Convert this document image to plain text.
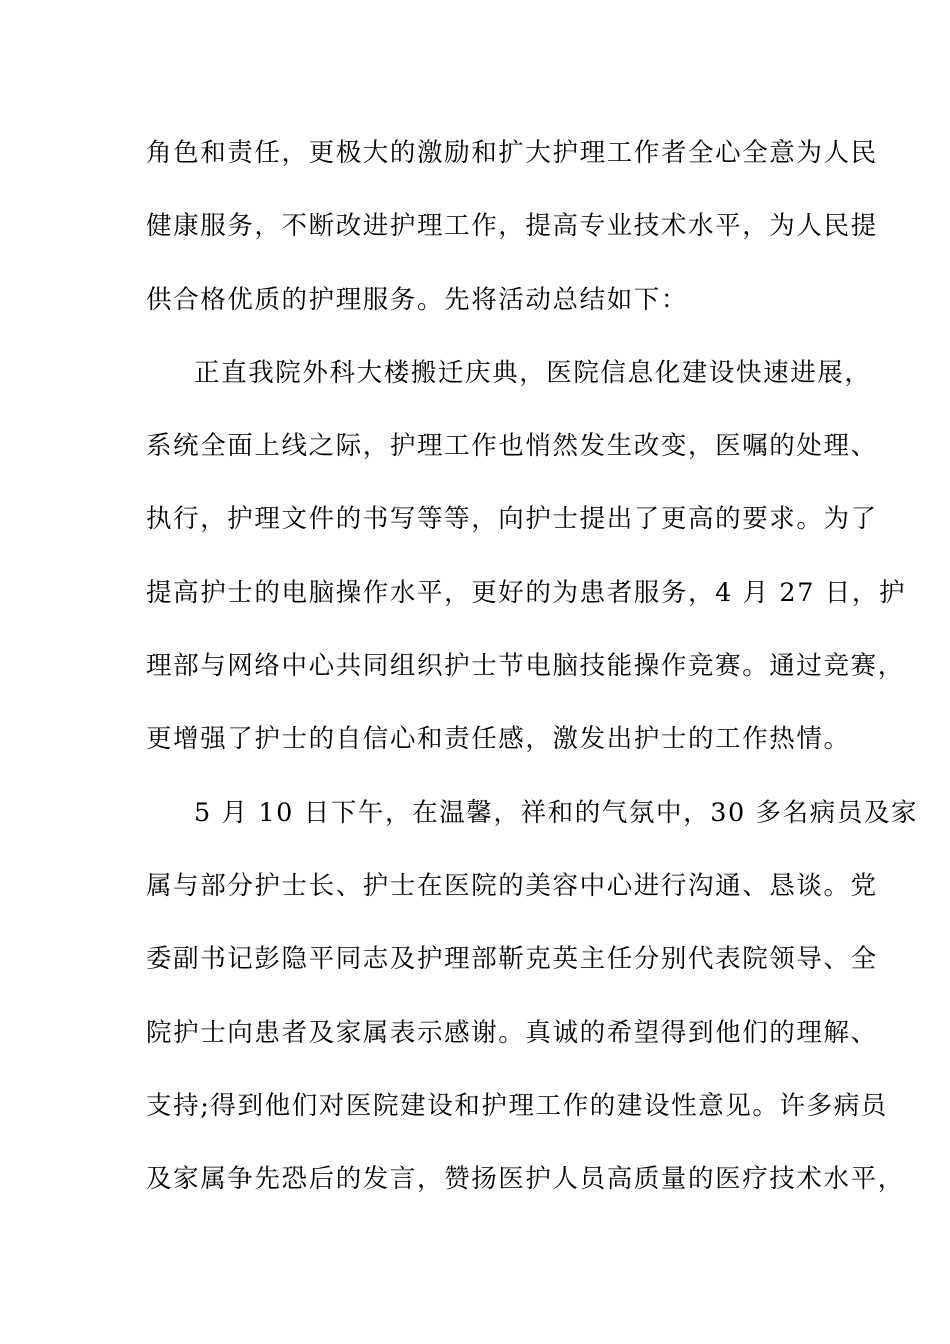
角色和责任，更极大的激励和扩大护理工作者全心全意为人民
健康服务，不断改进护理工作，提高专业技术水平，为人民提
供合格优质的护理服务。先将活动总结如下：
正直我院外科大楼搬迁庆典，医院信息化建设快速进展，
系统全面上线之际，护理工作也悄然发生改变，医嘱的处理、
执行，护理文件的书写等等，向护士提出了更高的要求。为了
提高护士的电脑操作水平，更好的为患者服务，4 月 27 日，护
理部与网络中心共同组织护士节电脑技能操作竞赛。通过竞赛，
更增强了护士的自信心和责任感，激发出护士的工作热情。
5 月 10 日下午，在温馨，祥和的气氛中，30 多名病员及家
属与部分护士长、护士在医院的美容中心进行沟通、恳谈。党
委副书记彭隐平同志及护理部靳克英主任分别代表院领导、全
院护士向患者及家属表示感谢。真诚的希望得到他们的理解、
支持;得到他们对医院建设和护理工作的建设性意见。许多病员
及家属争先恐后的发言，赞扬医护人员高质量的医疗技术水平，
